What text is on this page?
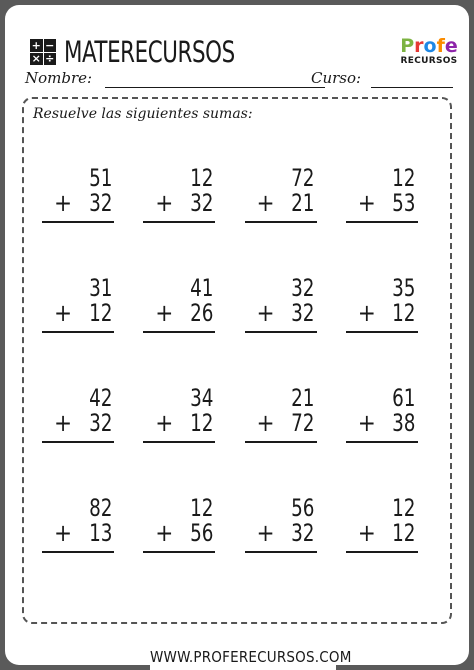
+ −
× ÷ MATERECURSOS	Profe
RECURSOS
Nombre:	Curso:
Resuelve las siguientes sumas:
51
+ 32
12
+ 32
72
+ 21
12
+ 53
31
+ 12
41
+ 26
32
+ 32
35
+ 12
42
+ 32
34
+ 12
21
+ 72
61
+ 38
82
+ 13
12
+ 56
56
+ 32
12
+ 12
WWW.PROFERECURSOS.COM
